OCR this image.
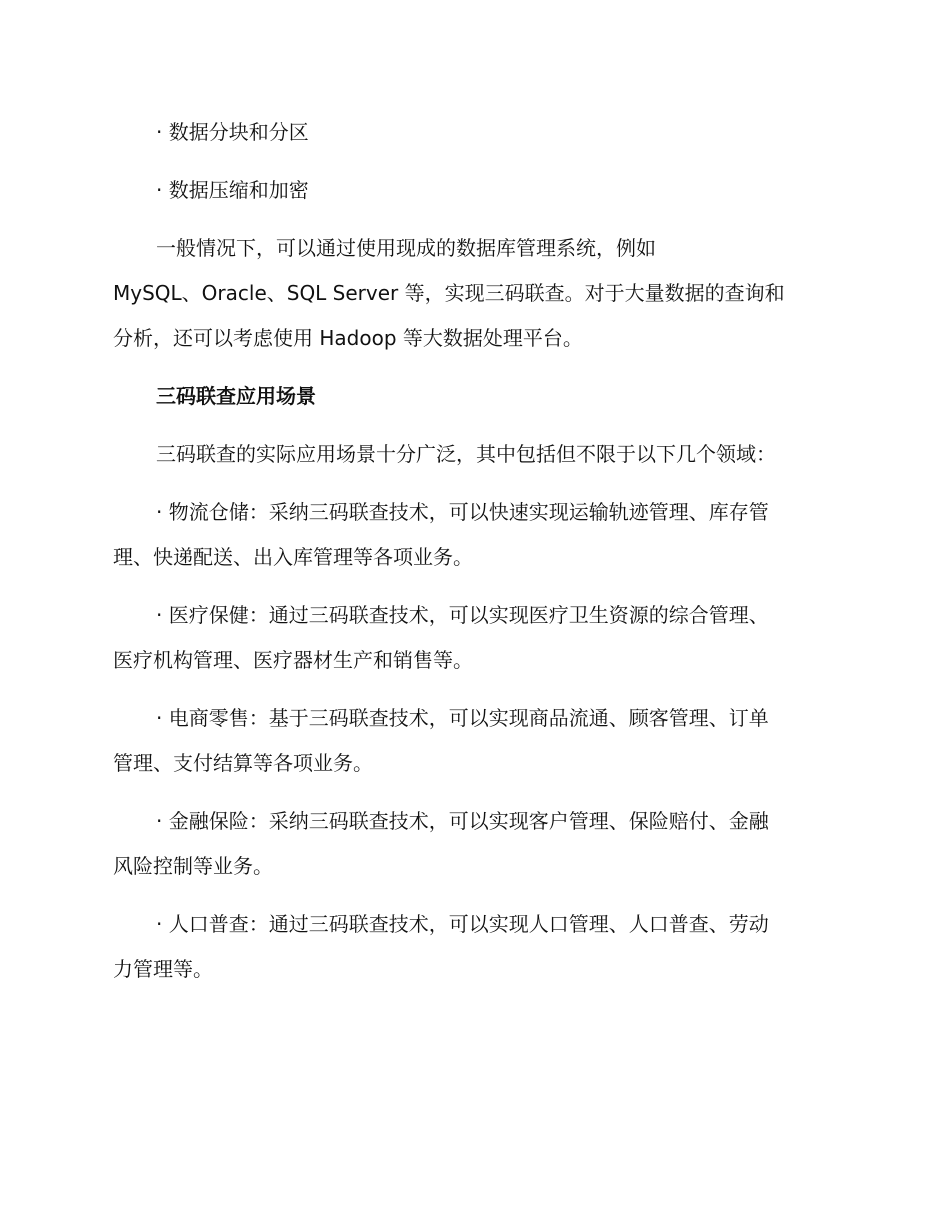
· 数据分块和分区

· 数据压缩和加密

一般情况下，可以通过使用现成的数据库管理系统，例如
MySQL、Oracle、SQL Server 等，实现三码联查。对于大量数据的查询和
分析，还可以考虑使用 Hadoop 等大数据处理平台。

三码联查应用场景

三码联查的实际应用场景十分广泛，其中包括但不限于以下几个领域：

· 物流仓储：采纳三码联查技术，可以快速实现运输轨迹管理、库存管
理、快递配送、出入库管理等各项业务。

· 医疗保健：通过三码联查技术，可以实现医疗卫生资源的综合管理、
医疗机构管理、医疗器材生产和销售等。

· 电商零售：基于三码联查技术，可以实现商品流通、顾客管理、订单
管理、支付结算等各项业务。

· 金融保险：采纳三码联查技术，可以实现客户管理、保险赔付、金融
风险控制等业务。

· 人口普查：通过三码联查技术，可以实现人口管理、人口普查、劳动
力管理等。
